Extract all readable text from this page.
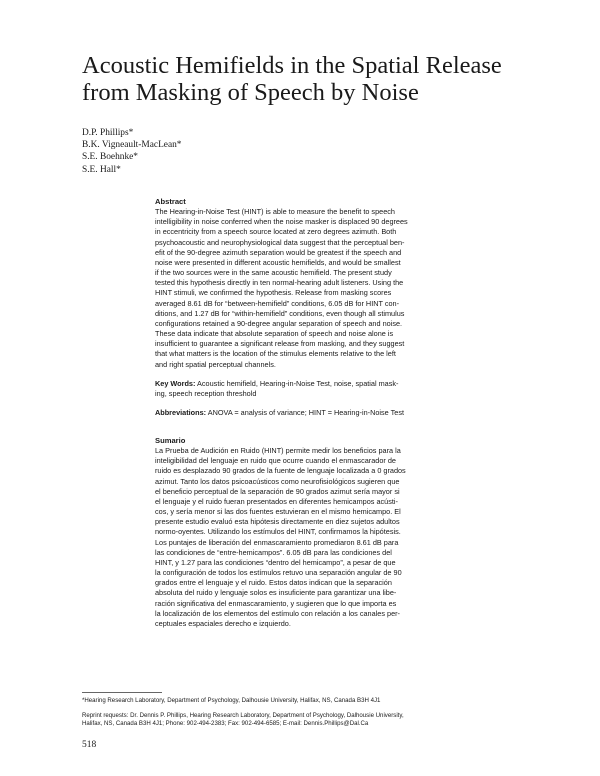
Acoustic Hemifields in the Spatial Release from Masking of Speech by Noise
D.P. Phillips*
B.K. Vigneault-MacLean*
S.E. Boehnke*
S.E. Hall*
Abstract
The Hearing-in-Noise Test (HINT) is able to measure the benefit to speech
intelligibility in noise conferred when the noise masker is displaced 90 degrees
in eccentricity from a speech source located at zero degrees azimuth. Both
psychoacoustic and neurophysiological data suggest that the perceptual ben-
efit of the 90-degree azimuth separation would be greatest if the speech and
noise were presented in different acoustic hemifields, and would be smallest
if the two sources were in the same acoustic hemifield. The present study
tested this hypothesis directly in ten normal-hearing adult listeners. Using the
HINT stimuli, we confirmed the hypothesis. Release from masking scores
averaged 8.61 dB for “between-hemifield” conditions, 6.05 dB for HINT con-
ditions, and 1.27 dB for “within-hemifield” conditions, even though all stimulus
configurations retained a 90-degree angular separation of speech and noise.
These data indicate that absolute separation of speech and noise alone is
insufficient to guarantee a significant release from masking, and they suggest
that what matters is the location of the stimulus elements relative to the left
and right spatial perceptual channels.
Key Words: Acoustic hemifield, Hearing-in-Noise Test, noise, spatial mask-
ing, speech reception threshold
Abbreviations: ANOVA = analysis of variance; HINT = Hearing-in-Noise Test
Sumario
La Prueba de Audición en Ruido (HINT) permite medir los beneficios para la
inteligibilidad del lenguaje en ruido que ocurre cuando el enmascarador de
ruido es desplazado 90 grados de la fuente de lenguaje localizada a 0 grados
azimut. Tanto los datos psicoacústicos como neurofisiológicos sugieren que
el beneficio perceptual de la separación de 90 grados azimut sería mayor si
el lenguaje y el ruido fueran presentados en diferentes hemicampos acústi-
cos, y sería menor si las dos fuentes estuvieran en el mismo hemicampo. El
presente estudio evaluó esta hipótesis directamente en diez sujetos adultos
normo-oyentes. Utilizando los estímulos del HINT, confirmamos la hipótesis.
Los puntajes de liberación del enmascaramiento promediaron 8.61 dB para
las condiciones de “entre-hemicampos”. 6.05 dB para las condiciones del
HINT, y 1.27 para las condiciones “dentro del hemicampo”, a pesar de que
la configuración de todos los estímulos retuvo una separación angular de 90
grados entre el lenguaje y el ruido. Estos datos indican que la separación
absoluta del ruido y lenguaje solos es insuficiente para garantizar una libe-
ración significativa del enmascaramiento, y sugieren que lo que importa es
la localización de los elementos del estímulo con relación a los canales per-
ceptuales espaciales derecho e izquierdo.
*Hearing Research Laboratory, Department of Psychology, Dalhousie University, Halifax, NS, Canada B3H 4J1
Reprint requests: Dr. Dennis P. Phillips, Hearing Research Laboratory, Department of Psychology, Dalhousie University,
Halifax, NS, Canada B3H 4J1; Phone: 902-494-2383; Fax: 902-494-6585; E-mail: Dennis.Phillips@Dal.Ca
518
